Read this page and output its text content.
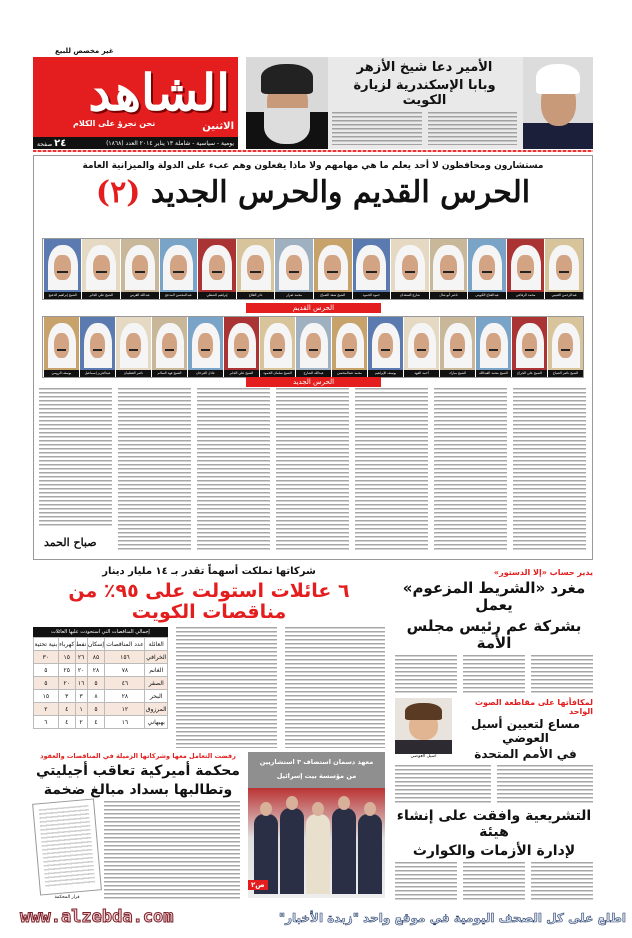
غير مخصص للبيع
الشاهد
نحن نجرؤ على الكلام	الاثنين
يومية - سياسية - شاملة ١٣ يناير ٢٠١٤ العدد (١٨٦٨)
٢٤ صفحة
الأمير دعا شيخ الأزهر
وبابا الإسكندرية لزيارة الكويت
مستشارون ومحافظون لا أحد يعلم ما هي مهامهم ولا ماذا يفعلون وهم عبء على الدولة والميزانية العامة
الحرس القديم والحرس الجديد (٢)
عبدالرحمن العتيبي
محمد الرفاعي
عبدالفتاح الكويتي
ناصر أبو شال
شارع السعدان
حمود الحمود
الشيخ سعد الصباح
محمد ضرار
نادر الفلاح
إبراهيم الشطي
عبدالمحسن المدعج
عبدالله القرس
الشيخ علي الجابر
الشيخ إبراهيم الدعيج
الحرس القديم
الشيخ ناصر الصباح
الشيخ علي الجراح
الشيخ محمد العبدالله
الشيخ مبارك
أحمد الفهد
يوسف الإبراهيم
محمد عبدالمحسن
عبدالله الشارخ
الشيخ سلمان الحمود
الشيخ علي الجابر
عادل الفرحان
الشيخ فهد السالم
ناصر القطيبان
عبدالعزيز إسماعيل
يوسف الرومي
الحرس الجديد
صباح الحمد
يدير حساب «إلا الدستور»
مغرد «الشريط المزعوم» يعمل
بشركة عم رئيس مجلس الأمة
لمكافأتها على مقاطعة الصوت الواحد
مساع لتعيين أسيل العوضي
في الأمم المتحدة
أسيل العوضي
التشريعية وافقت على إنشاء هيئة
لإدارة الأزمات والكوارث
شركاتها تملكت أسهماً تقدر بـ ١٤ مليار دينار
٦ عائلات استولت على ٩٥٪ من مناقصات الكويت
إجمالي المناقصات التي استحوذت عليها العائلات
العائلة	عدد المناقصات	إسكان	نفط	كهرباء	بنية تحتية
الخرافي	١٥٦	٨٥	٢٦	١٥	٣٠
الغانم	٧٨	٢٨	٢٠	٢٥	٥
الصقر	٤٦	٥	١٦	٢٠	٥
البحر	٢٨	٨	٣	٣	١٥
المرزوق	١٢	٥	١	٤	٢
بهبهاني	١٦	٤	٢	٤	٦
رفضت التعامل معها وشركاتها الزميلة في المناقصات والعقود
محكمة أميركية تعاقب أجيليتي
وتطالبها بسداد مبالغ ضخمة
قرار المحكمة
معهد دسمان استضاف ٣ استشاريين من مؤسسة بيت إسرائيل
ص٢
www.alzebda.com	اطلع على كل الصحف اليومية في موقع واحد "زبدة الأخبار"
